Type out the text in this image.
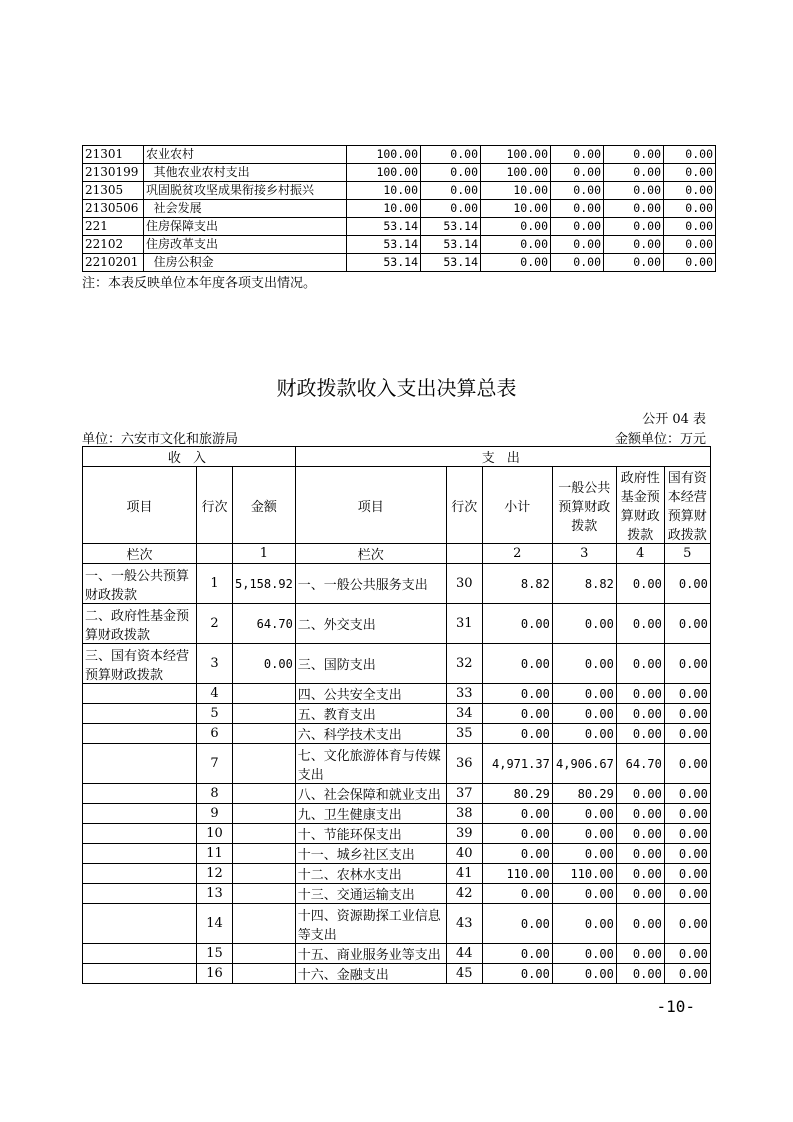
21301	农业农村	100.00	0.00	100.00	0.00	0.00	0.00
2130199	其他农业农村支出	100.00	0.00	100.00	0.00	0.00	0.00
21305	巩固脱贫攻坚成果衔接乡村振兴	10.00	0.00	10.00	0.00	0.00	0.00
2130506	社会发展	10.00	0.00	10.00	0.00	0.00	0.00
221	住房保障支出	53.14	53.14	0.00	0.00	0.00	0.00
22102	住房改革支出	53.14	53.14	0.00	0.00	0.00	0.00
2210201	住房公积金	53.14	53.14	0.00	0.00	0.00	0.00
注：本表反映单位本年度各项支出情况。
财政拨款收入支出决算总表
公开 04 表
单位：六安市文化和旅游局	金额单位：万元
收 入			支 出					
项目	行次	金额	项目	行次	小计	一般公共预算财政拨款	政府性基金预算财政拨款	国有资本经营预算财政拨款
栏次		1	栏次		2	3	4	5
一、一般公共预算财政拨款	1	5,158.92	一、一般公共服务支出	30	8.82	8.82	0.00	0.00
二、政府性基金预算财政拨款	2	64.70	二、外交支出	31	0.00	0.00	0.00	0.00
三、国有资本经营预算财政拨款	3	0.00	三、国防支出	32	0.00	0.00	0.00	0.00
	4		四、公共安全支出	33	0.00	0.00	0.00	0.00
	5		五、教育支出	34	0.00	0.00	0.00	0.00
	6		六、科学技术支出	35	0.00	0.00	0.00	0.00
	7		七、文化旅游体育与传媒支出	36	4,971.37	4,906.67	64.70	0.00
	8		八、社会保障和就业支出	37	80.29	80.29	0.00	0.00
	9		九、卫生健康支出	38	0.00	0.00	0.00	0.00
	10		十、节能环保支出	39	0.00	0.00	0.00	0.00
	11		十一、城乡社区支出	40	0.00	0.00	0.00	0.00
	12		十二、农林水支出	41	110.00	110.00	0.00	0.00
	13		十三、交通运输支出	42	0.00	0.00	0.00	0.00
	14		十四、资源勘探工业信息等支出	43	0.00	0.00	0.00	0.00
	15		十五、商业服务业等支出	44	0.00	0.00	0.00	0.00
	16		十六、金融支出	45	0.00	0.00	0.00	0.00
-10-
